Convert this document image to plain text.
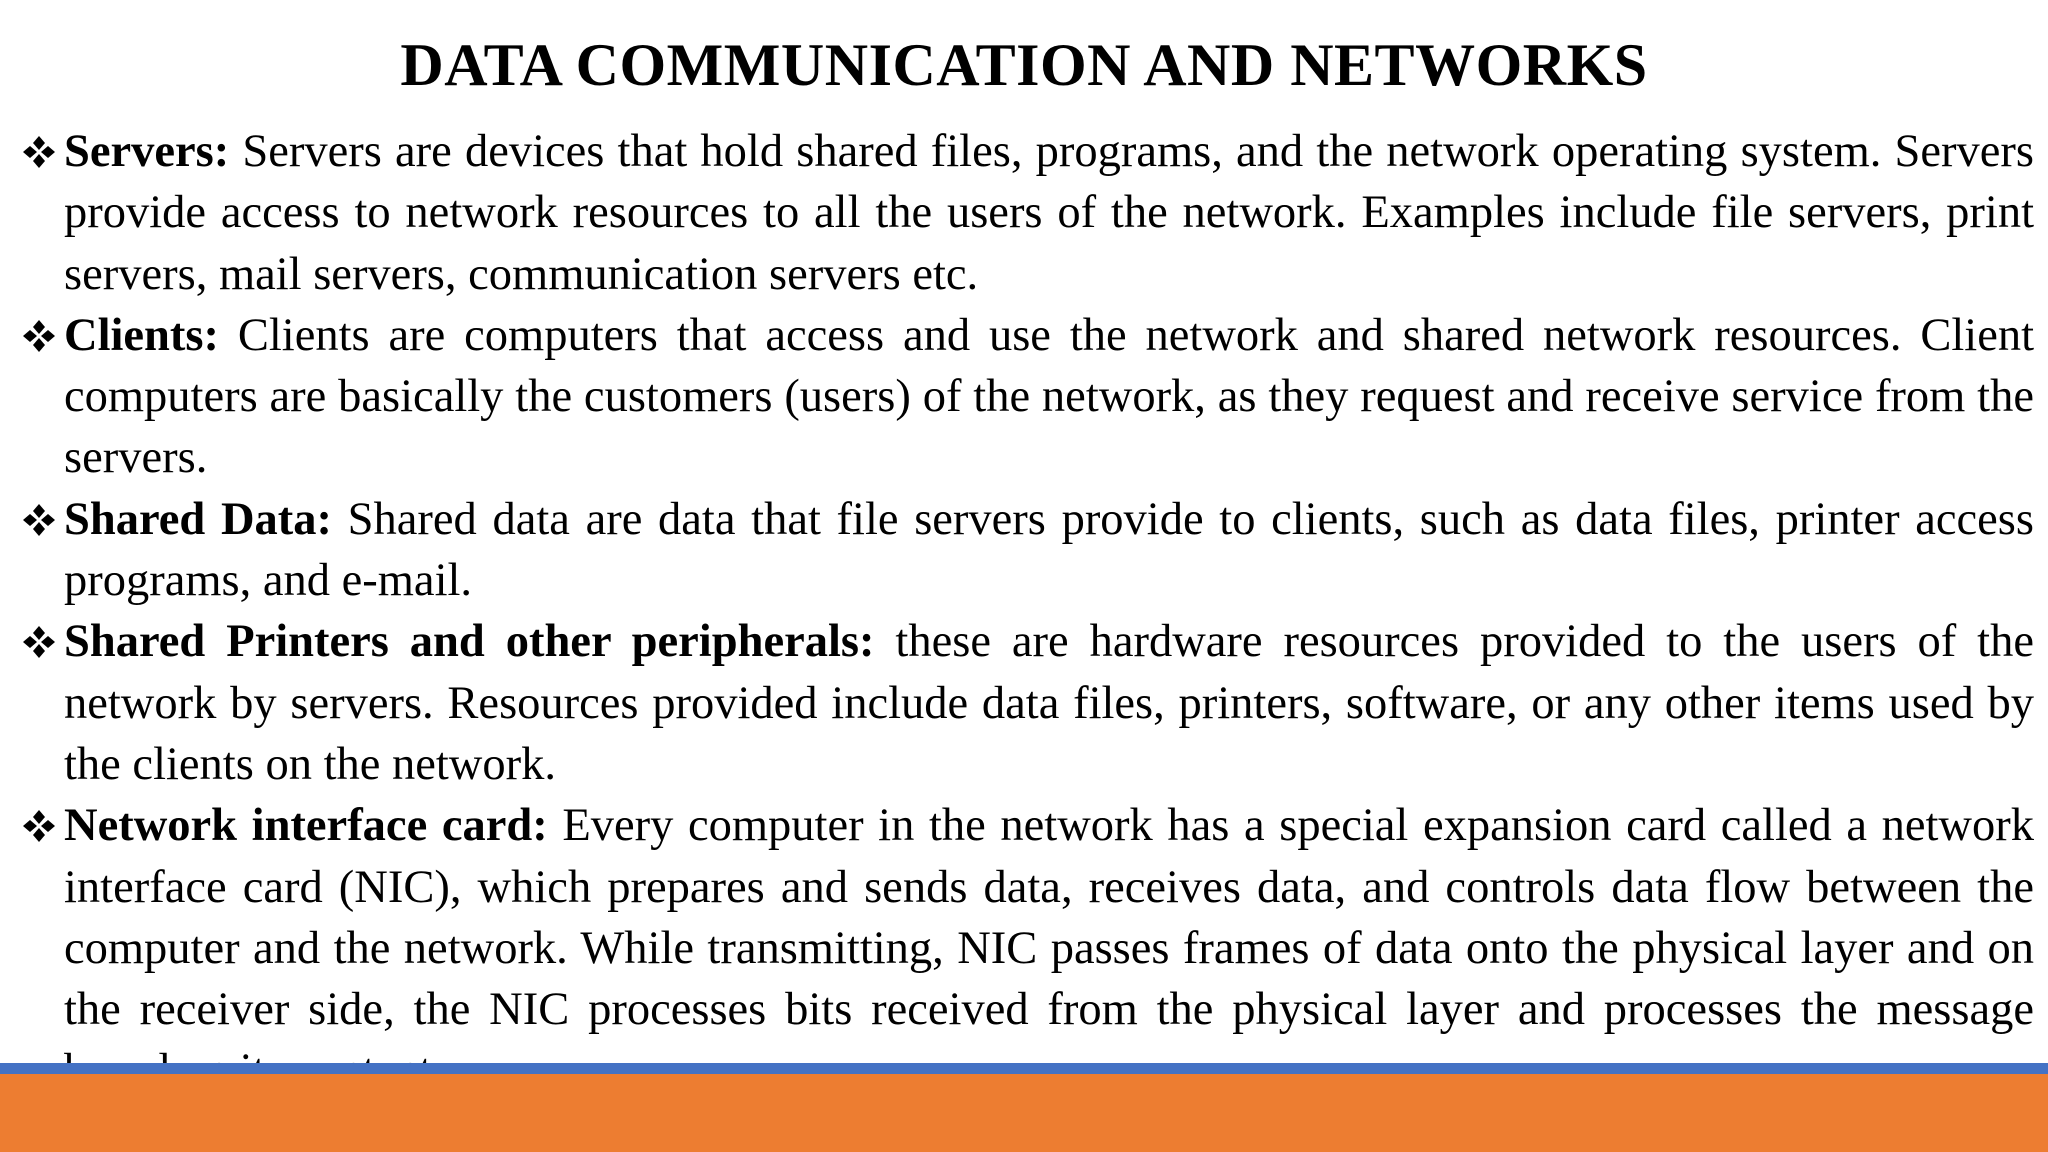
DATA COMMUNICATION AND NETWORKS
Servers: Servers are devices that hold shared files, programs, and the network operating system. Servers provide access to network resources to all the users of the network. Examples include file servers, print servers, mail servers, communication servers etc.
Clients: Clients are computers that access and use the network and shared network resources. Client computers are basically the customers (users) of the network, as they request and receive service from the servers.
Shared Data: Shared data are data that file servers provide to clients, such as data files, printer access programs, and e-mail.
Shared Printers and other peripherals: these are hardware resources provided to the users of the network by servers. Resources provided include data files, printers, software, or any other items used by the clients on the network.
Network interface card: Every computer in the network has a special expansion card called a network interface card (NIC), which prepares and sends data, receives data, and controls data flow between the computer and the network. While transmitting, NIC passes frames of data onto the physical layer and on the receiver side, the NIC processes bits received from the physical layer and processes the message
